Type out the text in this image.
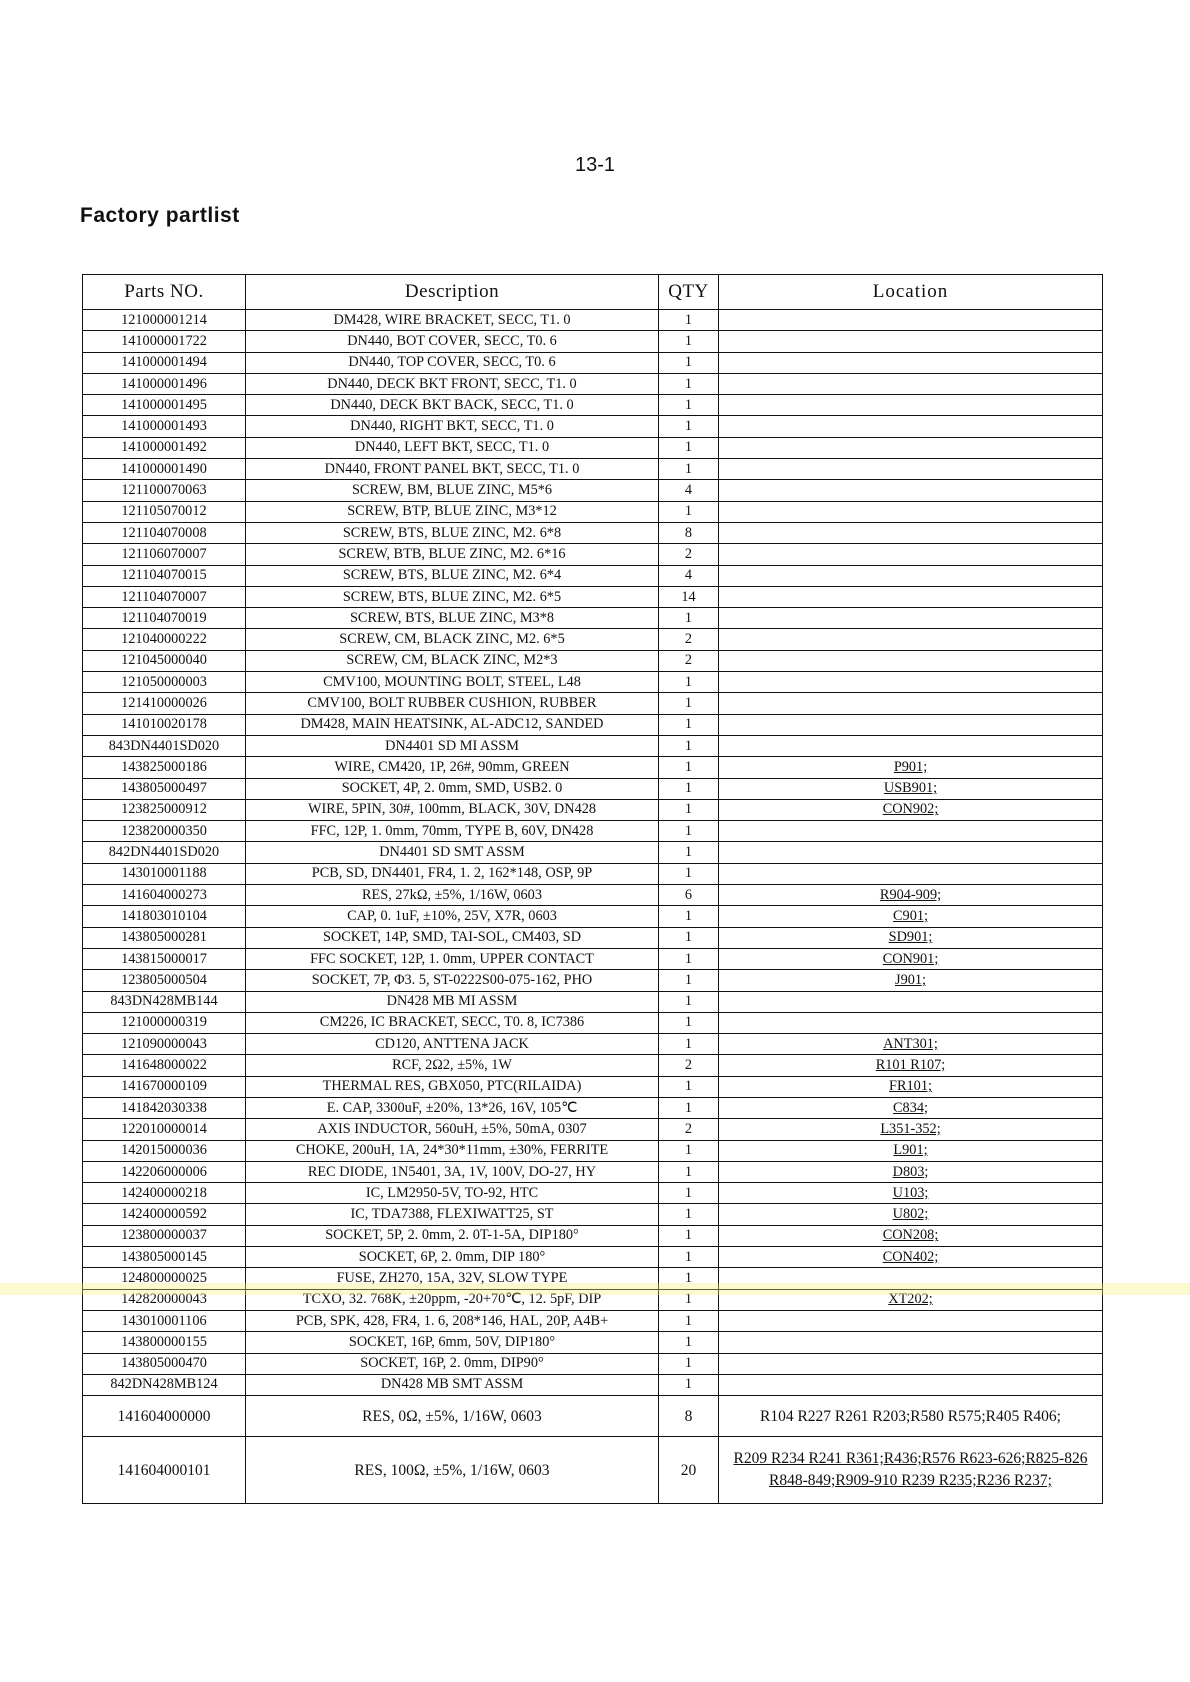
13-1
Factory partlist
Parts NO.	Description	QTY	Location
121000001214	DM428, WIRE BRACKET, SECC, T1. 0	1	
141000001722	DN440, BOT COVER, SECC, T0. 6	1	
141000001494	DN440, TOP COVER, SECC, T0. 6	1	
141000001496	DN440, DECK BKT FRONT, SECC, T1. 0	1	
141000001495	DN440, DECK BKT BACK, SECC, T1. 0	1	
141000001493	DN440, RIGHT BKT, SECC, T1. 0	1	
141000001492	DN440, LEFT BKT, SECC, T1. 0	1	
141000001490	DN440, FRONT PANEL BKT, SECC, T1. 0	1	
121100070063	SCREW, BM, BLUE ZINC, M5*6	4	
121105070012	SCREW, BTP, BLUE ZINC, M3*12	1	
121104070008	SCREW, BTS, BLUE ZINC, M2. 6*8	8	
121106070007	SCREW, BTB, BLUE ZINC, M2. 6*16	2	
121104070015	SCREW, BTS, BLUE ZINC, M2. 6*4	4	
121104070007	SCREW, BTS, BLUE ZINC, M2. 6*5	14	
121104070019	SCREW, BTS, BLUE ZINC, M3*8	1	
121040000222	SCREW, CM, BLACK ZINC, M2. 6*5	2	
121045000040	SCREW, CM, BLACK ZINC, M2*3	2	
121050000003	CMV100, MOUNTING BOLT, STEEL, L48	1	
121410000026	CMV100, BOLT RUBBER CUSHION, RUBBER	1	
141010020178	DM428, MAIN HEATSINK, AL-ADC12, SANDED	1	
843DN4401SD020	DN4401 SD MI ASSM	1	
143825000186	WIRE, CM420, 1P, 26#, 90mm, GREEN	1	P901;
143805000497	SOCKET, 4P, 2. 0mm, SMD, USB2. 0	1	USB901;
123825000912	WIRE, 5PIN, 30#, 100mm, BLACK, 30V, DN428	1	CON902;
123820000350	FFC, 12P, 1. 0mm, 70mm, TYPE B, 60V, DN428	1	
842DN4401SD020	DN4401 SD SMT ASSM	1	
143010001188	PCB, SD, DN4401, FR4, 1. 2, 162*148, OSP, 9P	1	
141604000273	RES, 27kΩ, ±5%, 1/16W, 0603	6	R904-909;
141803010104	CAP, 0. 1uF, ±10%, 25V, X7R, 0603	1	C901;
143805000281	SOCKET, 14P, SMD, TAI-SOL, CM403, SD	1	SD901;
143815000017	FFC SOCKET, 12P, 1. 0mm, UPPER CONTACT	1	CON901;
123805000504	SOCKET, 7P, Φ3. 5, ST-0222S00-075-162, PHO	1	J901;
843DN428MB144	DN428 MB MI ASSM	1	
121000000319	CM226, IC BRACKET, SECC, T0. 8, IC7386	1	
121090000043	CD120, ANTTENA JACK	1	ANT301;
141648000022	RCF, 2Ω2, ±5%, 1W	2	R101 R107;
141670000109	THERMAL RES, GBX050, PTC(RILAIDA)	1	FR101;
141842030338	E. CAP, 3300uF, ±20%, 13*26, 16V, 105℃	1	C834;
122010000014	AXIS INDUCTOR, 560uH, ±5%, 50mA, 0307	2	L351-352;
142015000036	CHOKE, 200uH, 1A, 24*30*11mm, ±30%, FERRITE	1	L901;
142206000006	REC DIODE, 1N5401, 3A, 1V, 100V, DO-27, HY	1	D803;
142400000218	IC, LM2950-5V, TO-92, HTC	1	U103;
142400000592	IC, TDA7388, FLEXIWATT25, ST	1	U802;
123800000037	SOCKET, 5P, 2. 0mm, 2. 0T-1-5A, DIP180°	1	CON208;
143805000145	SOCKET, 6P, 2. 0mm, DIP 180°	1	CON402;
124800000025	FUSE, ZH270, 15A, 32V, SLOW TYPE	1	
142820000043	TCXO, 32. 768K, ±20ppm, -20+70℃, 12. 5pF, DIP	1	XT202;
143010001106	PCB, SPK, 428, FR4, 1. 6, 208*146, HAL, 20P, A4B+	1	
143800000155	SOCKET, 16P, 6mm, 50V, DIP180°	1	
143805000470	SOCKET, 16P, 2. 0mm, DIP90°	1	
842DN428MB124	DN428 MB SMT ASSM	1	
141604000000	RES, 0Ω, ±5%, 1/16W, 0603	8	R104 R227 R261 R203;R580 R575;R405 R406;
141604000101	RES, 100Ω, ±5%, 1/16W, 0603	20	R209 R234 R241 R361;R436;R576 R623-626;R825-826 R848-849;R909-910 R239 R235;R236 R237;
